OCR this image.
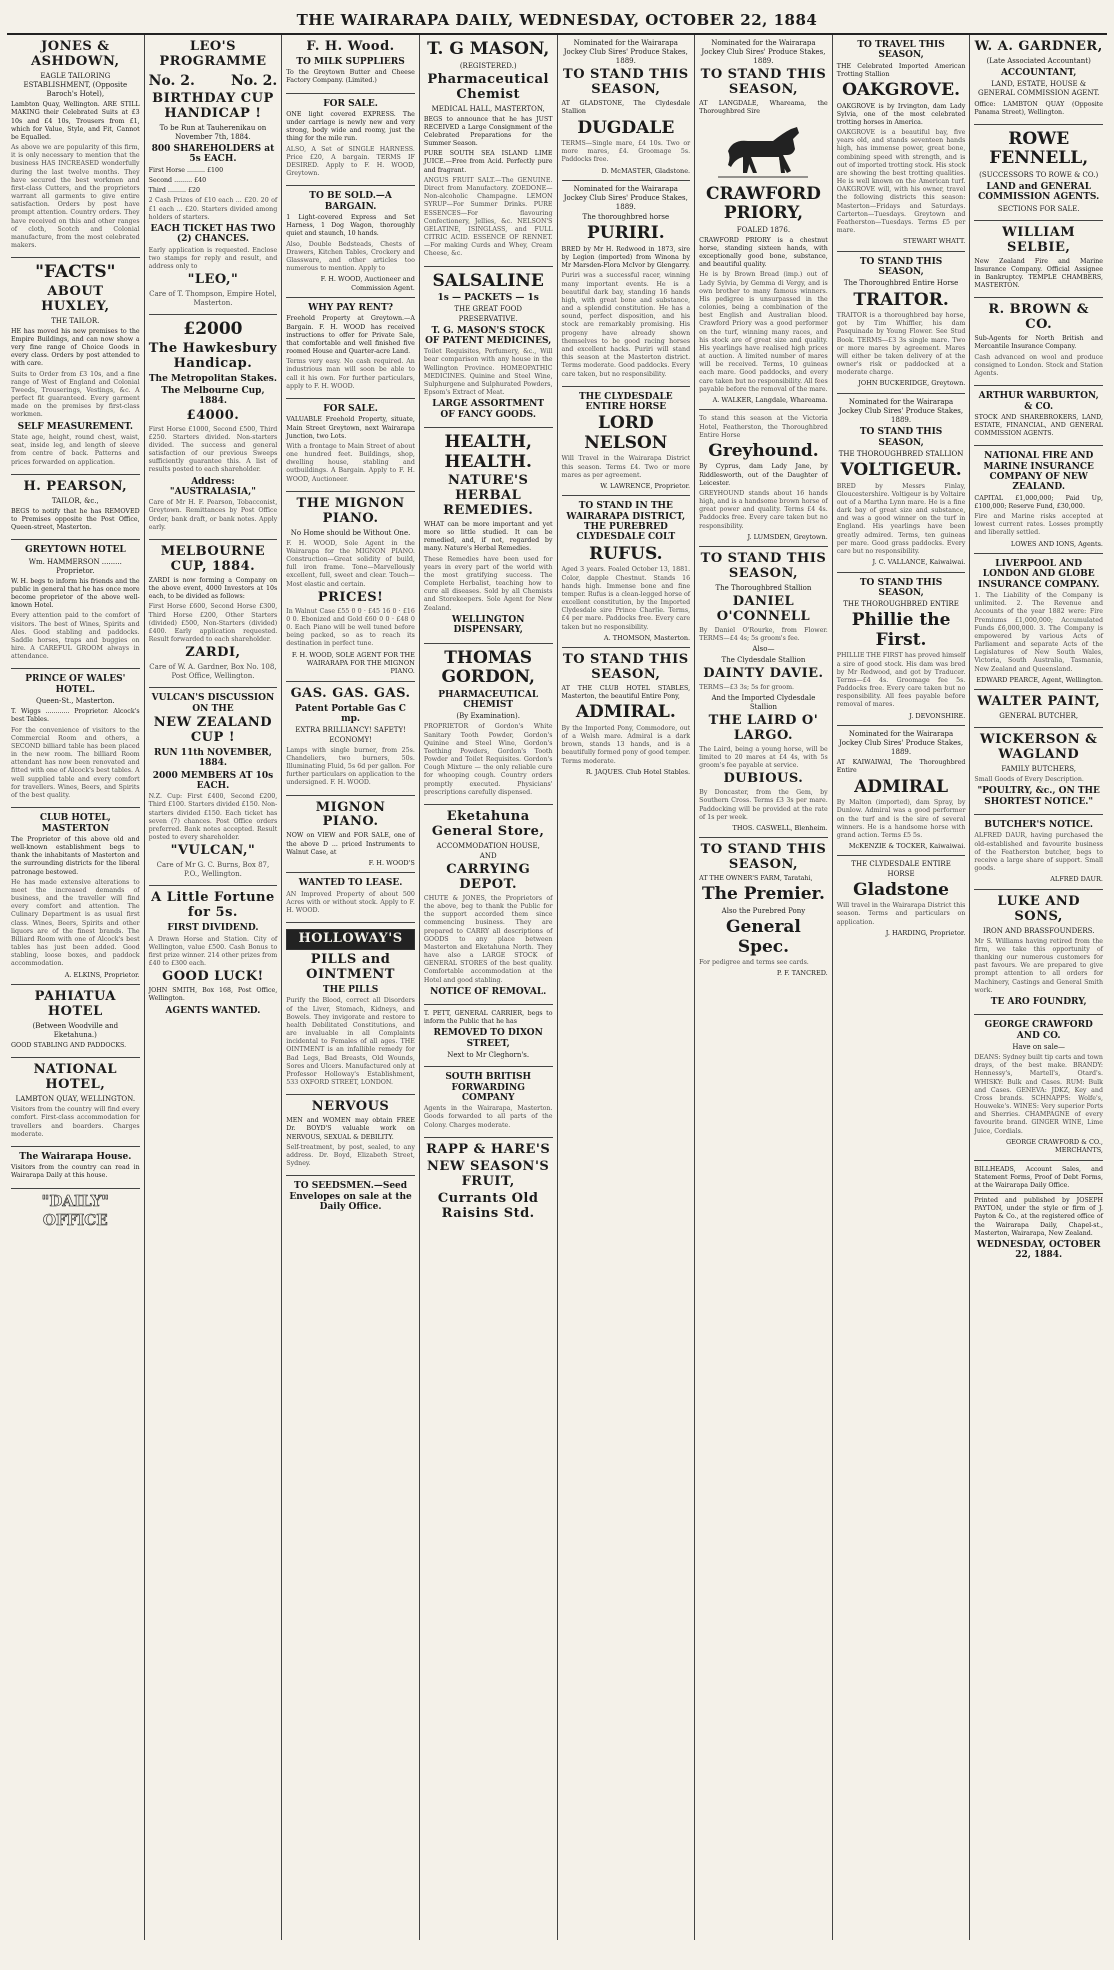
THE WAIRARAPA DAILY, WEDNESDAY, OCTOBER 22, 1884
JONES & ASHDOWN,
EAGLE TAILORING ESTABLISHMENT, (Opposite Baroch's Hotel),
Lambton Quay, Wellington. ARE STILL MAKING their Celebrated Suits at £3 10s and £4 10s, Trousers from £1, which for Value, Style, and Fit, Cannot be Equalled.
As above we are popularity of this firm, it is only necessary to mention that the business HAS INCREASED wonderfully during the last twelve months. They have secured the best workmen and first-class Cutters, and the proprietors warrant all garments to give entire satisfaction. Orders by post have prompt attention. Country orders. They have received on this and other ranges of cloth, Scotch and Colonial manufacture, from the most celebrated makers.
"FACTS"
ABOUT HUXLEY,
THE TAILOR.
HE has moved his new premises to the Empire Buildings, and can now show a very fine range of Choice Goods in every class. Orders by post attended to with care.
Suits to Order from £3 10s, and a fine range of West of England and Colonial Tweeds, Trouserings, Vestings, &c. A perfect fit guaranteed. Every garment made on the premises by first-class workmen.
SELF MEASUREMENT.
State age, height, round chest, waist, seat, inside leg, and length of sleeve from centre of back. Patterns and prices forwarded on application.
H. PEARSON,
TAILOR, &c.,
BEGS to notify that he has REMOVED to Premises opposite the Post Office, Queen-street, Masterton.
GREYTOWN HOTEL
Wm. HAMMERSON ......... Proprietor.
W. H. begs to inform his friends and the public in general that he has once more become proprietor of the above well-known Hotel.
Every attention paid to the comfort of visitors. The best of Wines, Spirits and Ales. Good stabling and paddocks. Saddle horses, traps and buggies on hire. A CAREFUL GROOM always in attendance.
PRINCE OF WALES' HOTEL.
Queen-St., Masterton.
T. Wiggs ............ Proprietor. Alcock's best Tables.
For the convenience of visitors to the Commercial Room and others, a SECOND billiard table has been placed in the new room. The billiard Room attendant has now been renovated and fitted with one of Alcock's best tables. A well supplied table and every comfort for travellers. Wines, Beers, and Spirits of the best quality.
CLUB HOTEL, MASTERTON
The Proprietor of this above old and well-known establishment begs to thank the inhabitants of Masterton and the surrounding districts for the liberal patronage bestowed.
He has made extensive alterations to meet the increased demands of business, and the traveller will find every comfort and attention. The Culinary Department is as usual first class. Wines, Beers, Spirits and other liquors are of the finest brands. The Billiard Room with one of Alcock's best tables has just been added. Good stabling, loose boxes, and paddock accommodation.
A. ELKINS, Proprietor.
PAHIATUA HOTEL
(Between Woodville and Eketahuna.)
GOOD STABLING AND PADDOCKS.
NATIONAL HOTEL,
LAMBTON QUAY, WELLINGTON.
Visitors from the country will find every comfort. First-class accommodation for travellers and boarders. Charges moderate.
The Wairarapa House.
Visitors from the country can read in Wairarapa Daily at this house.
"DAILY" OFFICE
LEO'S PROGRAMME
No. 2.	No. 2.
BIRTHDAY CUP HANDICAP !
To be Run at Tauherenikau on November 7th, 1884.
800 SHAREHOLDERS at 5s EACH.
First Horse ......... £100
Second ......... £40
Third ......... £20
2 Cash Prizes of £10 each ... £20. 20 of £1 each ... £20. Starters divided among holders of starters.
EACH TICKET HAS TWO (2) CHANCES.
Early application is requested. Enclose two stamps for reply and result, and address only to
"LEO,"
Care of T. Thompson, Empire Hotel, Masterton.
£2000
The Hawkesbury Handicap.
The Metropolitan Stakes.
The Melbourne Cup, 1884.
£4000.
First Horse £1000, Second £500, Third £250. Starters divided. Non-starters divided. The success and general satisfaction of our previous Sweeps sufficiently guarantee this. A list of results posted to each shareholder.
Address: "AUSTRALASIA,"
Care of Mr H. F. Pearson, Tobacconist, Greytown. Remittances by Post Office Order, bank draft, or bank notes. Apply early.
MELBOURNE CUP, 1884.
ZARDI is now forming a Company on the above event, 4000 Investors at 10s each, to be divided as follows:
First Horse £600, Second Horse £300, Third Horse £200, Other Starters (divided) £500, Non-Starters (divided) £400. Early application requested. Result forwarded to each shareholder.
ZARDI,
Care of W. A. Gardner, Box No. 108, Post Office, Wellington.
VULCAN'S DISCUSSION ON THE
NEW ZEALAND CUP !
RUN 11th NOVEMBER, 1884.
2000 MEMBERS AT 10s EACH.
N.Z. Cup: First £400, Second £200, Third £100. Starters divided £150. Non-starters divided £150. Each ticket has seven (7) chances. Post Office orders preferred. Bank notes accepted. Result posted to every shareholder.
"VULCAN,"
Care of Mr G. C. Burns, Box 87, P.O., Wellington.
A Little Fortune for 5s.
FIRST DIVIDEND.
A Drawn Horse and Station. City of Wellington, value £500. Cash Bonus to first prize winner. 214 other prizes from £40 to £300 each.
GOOD LUCK!
JOHN SMITH, Box 168, Post Office, Wellington.
AGENTS WANTED.
F. H. Wood.
TO MILK SUPPLIERS
To the Greytown Butter and Cheese Factory Company. (Limited.)
FOR SALE.
ONE light covered EXPRESS. The under carriage is newly new and very strong, body wide and roomy, just the thing for the mile run.
ALSO, A Set of SINGLE HARNESS. Price £20, A bargain. TERMS IF DESIRED. Apply to F. H. WOOD, Greytown.
TO BE SOLD.—A BARGAIN.
1 Light-covered Express and Set Harness, 1 Dog Wagon, thoroughly quiet and staunch, 10 hands.
Also, Double Bedsteads, Chests of Drawers, Kitchen Tables, Crockery and Glassware, and other articles too numerous to mention. Apply to
F. H. WOOD, Auctioneer and Commission Agent.
WHY PAY RENT?
Freehold Property at Greytown.—A Bargain. F. H. WOOD has received instructions to offer for Private Sale, that comfortable and well finished five roomed House and Quarter-acre Land.
Terms very easy. No cash required. An industrious man will soon be able to call it his own. For further particulars, apply to F. H. WOOD.
FOR SALE.
VALUABLE Freehold Property, situate, Main Street Greytown, next Wairarapa Junction, two Lots.
With a frontage to Main Street of about one hundred feet. Buildings, shop, dwelling house, stabling and outbuildings. A Bargain. Apply to F. H. WOOD, Auctioneer.
THE MIGNON PIANO.
No Home should be Without One.
F. H. WOOD, Sole Agent in the Wairarapa for the MIGNON PIANO. Construction—Great solidity of build, full iron frame. Tone—Marvellously excellent, full, sweet and clear. Touch—Most elastic and certain.
PRICES!
In Walnut Case £55 0 0 · £45 16 0 · £16 0 0. Ebonized and Gold £60 0 0 · £48 0 0. Each Piano will be well tuned before being packed, so as to reach its destination in perfect tune.
F. H. WOOD, SOLE AGENT FOR THE WAIRARAPA FOR THE MIGNON PIANO.
GAS. GAS. GAS.
Patent Portable Gas C mp.
EXTRA BRILLIANCY! SAFETY! ECONOMY!
Lamps with single burner, from 25s. Chandeliers, two burners, 50s. Illuminating Fluid, 5s 6d per gallon. For further particulars on application to the undersigned. F. H. WOOD.
MIGNON PIANO.
NOW on VIEW and FOR SALE, one of the above D ... priced Instruments to Walnut Case, at
F. H. WOOD'S
WANTED TO LEASE.
AN Improved Property of about 500 Acres with or without stock. Apply to F. H. WOOD.
HOLLOWAY'S
PILLS and OINTMENT
THE PILLS
Purify the Blood, correct all Disorders of the Liver, Stomach, Kidneys, and Bowels. They invigorate and restore to health Debilitated Constitutions, and are invaluable in all Complaints incidental to Females of all ages. THE OINTMENT is an infallible remedy for Bad Legs, Bad Breasts, Old Wounds, Sores and Ulcers. Manufactured only at Professor Holloway's Establishment, 533 OXFORD STREET, LONDON.
NERVOUS
MEN and WOMEN may obtain FREE Dr. BOYD'S valuable work on NERVOUS, SEXUAL & DEBILITY.
Self-treatment, by post, sealed, to any address. Dr. Boyd, Elizabeth Street, Sydney.
TO SEEDSMEN.—Seed Envelopes on sale at the Daily Office.
T. G MASON,
(REGISTERED.)
Pharmaceutical Chemist
MEDICAL HALL, MASTERTON,
BEGS to announce that he has JUST RECEIVED a Large Consignment of the Celebrated Preparations for the Summer Season.
PURE SOUTH SEA ISLAND LIME JUICE.—Free from Acid. Perfectly pure and fragrant.
ANGUS FRUIT SALT.—The GENUINE. Direct from Manufactory. ZOEDONE—Non-alcoholic Champagne. LEMON SYRUP—For Summer Drinks. PURE ESSENCES—For flavouring Confectionery, Jellies, &c. NELSON'S GELATINE, ISINGLASS, and FULL CITRIC ACID. ESSENCE OF RENNET.—For making Curds and Whey, Cream Cheese, &c.
SALSALINE
1s — PACKETS — 1s
THE GREAT FOOD PRESERVATIVE.
T. G. MASON'S STOCK OF PATENT MEDICINES,
Toilet Requisites, Perfumery, &c., Will bear comparison with any house in the Wellington Province. HOMEOPATHIC MEDICINES. Quinine and Steel Wine, Sulphurgene and Sulphurated Powders, Epsom's Extract of Meat.
LARGE ASSORTMENT OF FANCY GOODS.
HEALTH, HEALTH.
NATURE'S HERBAL REMEDIES.
WHAT can be more important and yet more so little studied. It can be remedied, and, if not, regarded by many. Nature's Herbal Remedies.
These Remedies have been used for years in every part of the world with the most gratifying success. The Complete Herbalist, teaching how to cure all diseases. Sold by all Chemists and Storekeepers. Sole Agent for New Zealand.
WELLINGTON DISPENSARY,
THOMAS GORDON,
PHARMACEUTICAL CHEMIST
(By Examination).
PROPRIETOR of Gordon's White Sanitary Tooth Powder, Gordon's Quinine and Steel Wine, Gordon's Teething Powders, Gordon's Tooth Powder and Toilet Requisites. Gordon's Cough Mixture — the only reliable cure for whooping cough. Country orders promptly executed. Physicians' prescriptions carefully dispensed.
Eketahuna General Store,
ACCOMMODATION HOUSE,
AND
CARRYING DEPOT.
CHUTE & JONES, the Proprietors of the above, beg to thank the Public for the support accorded them since commencing business. They are prepared to CARRY all descriptions of GOODS to any place between Masterton and Eketahuna North. They have also a LARGE STOCK of GENERAL STORES of the best quality. Comfortable accommodation at the Hotel and good stabling.
NOTICE OF REMOVAL.
T. PETT, GENERAL CARRIER, begs to inform the Public that he has
REMOVED TO DIXON STREET,
Next to Mr Cleghorn's.
SOUTH BRITISH FORWARDING COMPANY
Agents in the Wairarapa, Masterton. Goods forwarded to all parts of the Colony. Charges moderate.
RAPP & HARE'S
NEW SEASON'S FRUIT,
Currants Old Raisins Std.
Nominated for the Wairarapa Jockey Club Sires' Produce Stakes, 1889.
TO STAND THIS SEASON,
AT GLADSTONE, The Clydesdale Stallion
DUGDALE
TERMS—Single mare, £4 10s. Two or more mares, £4. Groomage 5s. Paddocks free.
D. McMASTER, Gladstone.
Nominated for the Wairarapa Jockey Club Sires' Produce Stakes, 1889.
The thoroughbred horse
PURIRI.
BRED by Mr H. Redwood in 1873, sire by Legion (imported) from Winona by Mr Marsden-Flora McIvor by Glengarry.
Puriri was a successful racer, winning many important events. He is a beautiful dark bay, standing 16 hands high, with great bone and substance, and a splendid constitution. He has a sound, perfect disposition, and his stock are remarkably promising. His progeny have already shown themselves to be good racing horses and excellent hacks. Puriri will stand this season at the Masterton district. Terms moderate. Good paddocks. Every care taken, but no responsibility.
THE CLYDESDALE ENTIRE HORSE
LORD NELSON
Will Travel in the Wairarapa District this season. Terms £4. Two or more mares as per agreement.
W. LAWRENCE, Proprietor.
TO STAND IN THE WAIRARAPA DISTRICT, THE PUREBRED CLYDESDALE COLT
RUFUS.
Aged 3 years. Foaled October 13, 1881. Color, dapple Chestnut. Stands 16 hands high. Immense bone and fine temper. Rufus is a clean-legged horse of excellent constitution, by the Imported Clydesdale sire Prince Charlie. Terms, £4 per mare. Paddocks free. Every care taken but no responsibility.
A. THOMSON, Masterton.
TO STAND THIS SEASON,
AT THE CLUB HOTEL STABLES, Masterton, the beautiful Entire Pony,
ADMIRAL.
By the Imported Pony, Commodore, out of a Welsh mare. Admiral is a dark brown, stands 13 hands, and is a beautifully formed pony of good temper. Terms moderate.
R. JAQUES. Club Hotel Stables.
Nominated for the Wairarapa Jockey Club Sires' Produce Stakes, 1889.
TO STAND THIS SEASON,
AT LANGDALE, Whareama, the Thoroughbred Sire
CRAWFORD PRIORY,
FOALED 1876.
CRAWFORD PRIORY is a chestnut horse, standing sixteen hands, with exceptionally good bone, substance, and beautiful quality.
He is by Brown Bread (imp.) out of Lady Sylvia, by Gemma di Vergy, and is own brother to many famous winners. His pedigree is unsurpassed in the colonies, being a combination of the best English and Australian blood. Crawford Priory was a good performer on the turf, winning many races, and his stock are of great size and quality. His yearlings have realised high prices at auction. A limited number of mares will be received. Terms, 10 guineas each mare. Good paddocks, and every care taken but no responsibility. All fees payable before the removal of the mare.
A. WALKER, Langdale, Whareama.
To stand this season at the Victoria Hotel, Featherston, the Thoroughbred Entire Horse
Greyhound.
By Cyprus, dam Lady Jane, by Riddlesworth, out of the Daughter of Leicester.
GREYHOUND stands about 16 hands high, and is a handsome brown horse of great power and quality. Terms £4 4s. Paddocks free. Every care taken but no responsibility.
J. LUMSDEN, Greytown.
TO STAND THIS SEASON,
The Thoroughbred Stallion
DANIEL O'CONNELL
By Daniel O'Rourke, from Flower. TERMS—£4 4s; 5s groom's fee.
Also—
The Clydesdale Stallion
DAINTY DAVIE.
TERMS—£3 3s; 5s for groom.
And the Imported Clydesdale Stallion
THE LAIRD O' LARGO.
The Laird, being a young horse, will be limited to 20 mares at £4 4s, with 5s groom's fee payable at service.
DUBIOUS.
By Doncaster, from the Gem, by Southern Cross. Terms £3 3s per mare. Paddocking will be provided at the rate of 1s per week.
THOS. CASWELL, Blenheim.
TO STAND THIS SEASON,
AT THE OWNER'S FARM, Taratahi,
The Premier.
Also the Purebred Pony
General Spec.
For pedigree and terms see cards.
P. F. TANCRED.
TO TRAVEL THIS SEASON,
THE Celebrated Imported American Trotting Stallion
OAKGROVE.
OAKGROVE is by Irvington, dam Lady Sylvia, one of the most celebrated trotting horses in America.
OAKGROVE is a beautiful bay, five years old, and stands seventeen hands high, has immense power, great bone, combining speed with strength, and is out of imported trotting stock. His stock are showing the best trotting qualities. He is well known on the American turf. OAKGROVE will, with his owner, travel the following districts this season: Masterton—Fridays and Saturdays. Carterton—Tuesdays. Greytown and Featherston—Tuesdays. Terms £5 per mare.
STEWART WHATT.
TO STAND THIS SEASON,
The Thoroughbred Entire Horse
TRAITOR.
TRAITOR is a thoroughbred bay horse, got by Tim Whiffler, his dam Pasquinade by Young Flower. See Stud Book. TERMS—£3 3s single mare. Two or more mares by agreement. Mares will either be taken delivery of at the owner's risk or paddocked at a moderate charge.
JOHN BUCKERIDGE, Greytown.
Nominated for the Wairarapa Jockey Club Sires' Produce Stakes, 1889.
TO STAND THIS SEASON,
THE THOROUGHBRED STALLION
VOLTIGEUR.
BRED by Messrs Finlay, Gloucestershire. Voltigeur is by Voltaire out of a Martha Lynn mare. He is a fine dark bay of great size and substance, and was a good winner on the turf in England. His yearlings have been greatly admired. Terms, ten guineas per mare. Good grass paddocks. Every care but no responsibility.
J. C. VALLANCE, Kaiwaiwai.
TO STAND THIS SEASON,
THE THOROUGHBRED ENTIRE
Phillie the First.
PHILLIE THE FIRST has proved himself a sire of good stock. His dam was bred by Mr Redwood, and got by Traducer. Terms—£4 4s. Groomage fee 5s. Paddocks free. Every care taken but no responsibility. All fees payable before removal of mares.
J. DEVONSHIRE.
Nominated for the Wairarapa Jockey Club Sires' Produce Stakes, 1889.
AT KAIWAIWAI, The Thoroughbred Entire
ADMIRAL
By Malton (imported), dam Spray, by Dunlow. Admiral was a good performer on the turf and is the sire of several winners. He is a handsome horse with grand action. Terms £5 5s.
McKENZIE & TOCKER, Kaiwaiwai.
THE CLYDESDALE ENTIRE HORSE
Gladstone
Will travel in the Wairarapa District this season. Terms and particulars on application.
J. HARDING, Proprietor.
W. A. GARDNER,
(Late Associated Accountant)
ACCOUNTANT,
LAND, ESTATE, HOUSE & GENERAL COMMISSION AGENT.
Office: LAMBTON QUAY (Opposite Panama Street), Wellington.
ROWE FENNELL,
(SUCCESSORS TO ROWE & CO.)
LAND and GENERAL COMMISSION AGENTS.
SECTIONS FOR SALE.
WILLIAM SELBIE,
New Zealand Fire and Marine Insurance Company. Official Assignee in Bankruptcy. TEMPLE CHAMBERS, MASTERTON.
R. BROWN & CO.
Sub-Agents for North British and Mercantile Insurance Company.
Cash advanced on wool and produce consigned to London. Stock and Station Agents.
ARTHUR WARBURTON, & CO.
STOCK AND SHAREBROKERS, LAND, ESTATE, FINANCIAL, AND GENERAL COMMISSION AGENTS.
NATIONAL FIRE AND MARINE INSURANCE COMPANY OF NEW ZEALAND.
CAPITAL £1,000,000; Paid Up, £100,000; Reserve Fund, £30,000.
Fire and Marine risks accepted at lowest current rates. Losses promptly and liberally settled.
LOWES AND IONS, Agents.
LIVERPOOL AND LONDON AND GLOBE INSURANCE COMPANY.
1. The Liability of the Company is unlimited. 2. The Revenue and Accounts of the year 1882 were: Fire Premiums £1,000,000; Accumulated Funds £6,000,000. 3. The Company is empowered by various Acts of Parliament and separate Acts of the Legislatures of New South Wales, Victoria, South Australia, Tasmania, New Zealand and Queensland.
EDWARD PEARCE, Agent, Wellington.
WALTER PAINT,
GENERAL BUTCHER,
WICKERSON & WAGLAND
FAMILY BUTCHERS,
Small Goods of Every Description.
"POULTRY, &c., ON THE SHORTEST NOTICE."
BUTCHER'S NOTICE.
ALFRED DAUR, having purchased the old-established and favourite business of the Featherston butcher, begs to receive a large share of support. Small goods.
ALFRED DAUR.
LUKE AND SONS,
IRON AND BRASSFOUNDERS.
Mr S. Williams having retired from the firm, we take this opportunity of thanking our numerous customers for past favours. We are prepared to give prompt attention to all orders for Machinery, Castings and General Smith work.
TE ARO FOUNDRY,
GEORGE CRAWFORD AND CO.
Have on sale—
DEANS: Sydney built tip carts and town drays, of the best make. BRANDY: Hennessy's, Martell's, Otard's. WHISKY: Bulk and Cases. RUM: Bulk and Cases. GENEVA: JDKZ, Key and Cross brands. SCHNAPPS: Wolfe's, Houweke's. WINES: Very superior Ports and Sherries. CHAMPAGNE of every favourite brand. GINGER WINE, Lime Juice, Cordials.
GEORGE CRAWFORD & CO., MERCHANTS,
BILLHEADS, Account Sales, and Statement Forms, Proof of Debt Forms, at the Wairarapa Daily Office.
Printed and published by JOSEPH PAYTON, under the style or firm of J. Payton & Co., at the registered office of the Wairarapa Daily, Chapel-st., Masterton, Wairarapa, New Zealand.
WEDNESDAY, OCTOBER 22, 1884.
